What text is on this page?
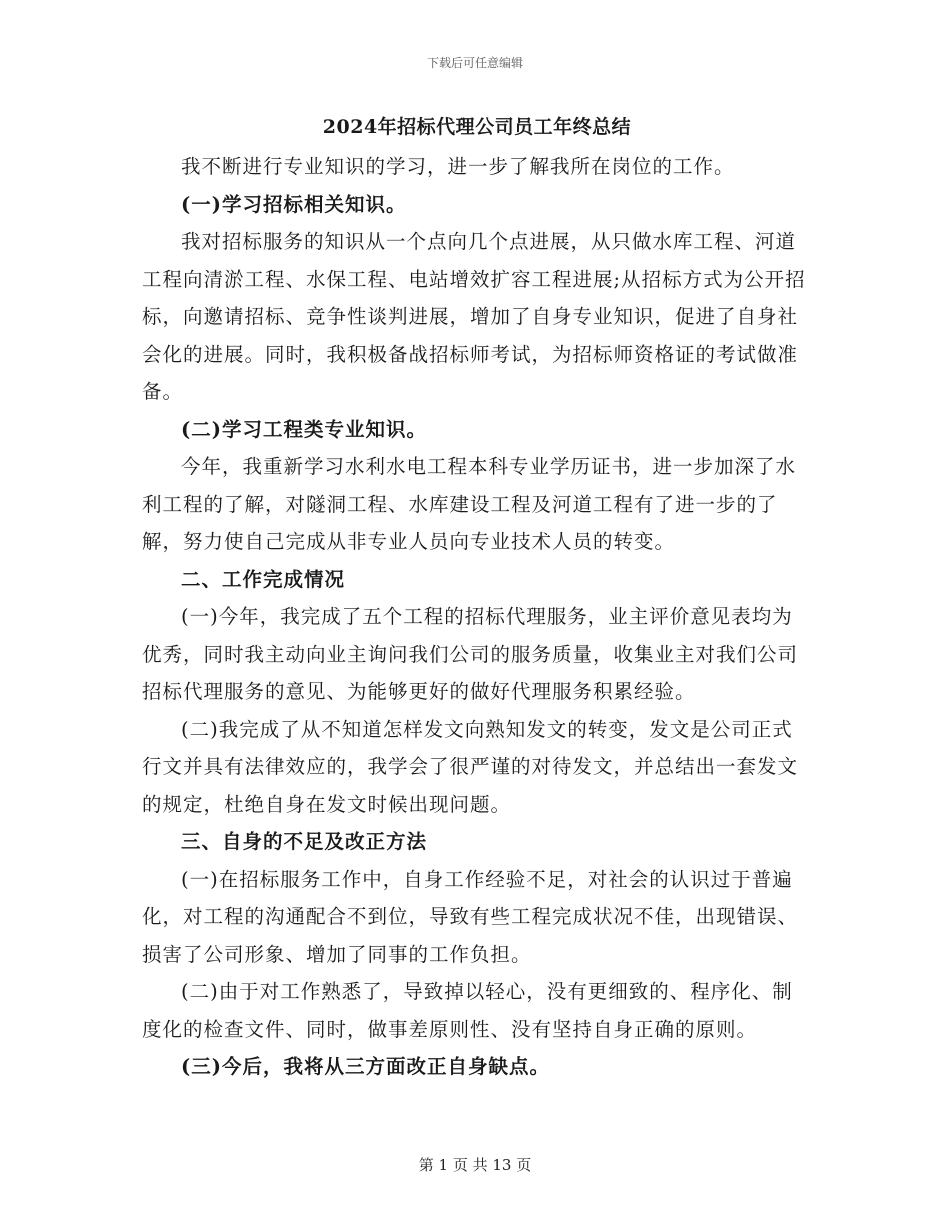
下载后可任意编辑
2024年招标代理公司员工年终总结

我不断进行专业知识的学习，进一步了解我所在岗位的工作。

(一)学习招标相关知识。

我对招标服务的知识从一个点向几个点进展，从只做水库工程、河道工程向清淤工程、水保工程、电站增效扩容工程进展;从招标方式为公开招标，向邀请招标、竞争性谈判进展，增加了自身专业知识，促进了自身社会化的进展。同时，我积极备战招标师考试，为招标师资格证的考试做准备。

(二)学习工程类专业知识。

今年，我重新学习水利水电工程本科专业学历证书，进一步加深了水利工程的了解，对隧洞工程、水库建设工程及河道工程有了进一步的了解，努力使自己完成从非专业人员向专业技术人员的转变。

二、工作完成情况

(一)今年，我完成了五个工程的招标代理服务，业主评价意见表均为优秀，同时我主动向业主询问我们公司的服务质量，收集业主对我们公司招标代理服务的意见、为能够更好的做好代理服务积累经验。

(二)我完成了从不知道怎样发文向熟知发文的转变，发文是公司正式行文并具有法律效应的，我学会了很严谨的对待发文，并总结出一套发文的规定，杜绝自身在发文时候出现问题。

三、自身的不足及改正方法

(一)在招标服务工作中，自身工作经验不足，对社会的认识过于普遍化，对工程的沟通配合不到位，导致有些工程完成状况不佳，出现错误、损害了公司形象、增加了同事的工作负担。

(二)由于对工作熟悉了，导致掉以轻心，没有更细致的、程序化、制度化的检查文件、同时，做事差原则性、没有坚持自身正确的原则。

(三)今后，我将从三方面改正自身缺点。

第 1 页 共 13 页
